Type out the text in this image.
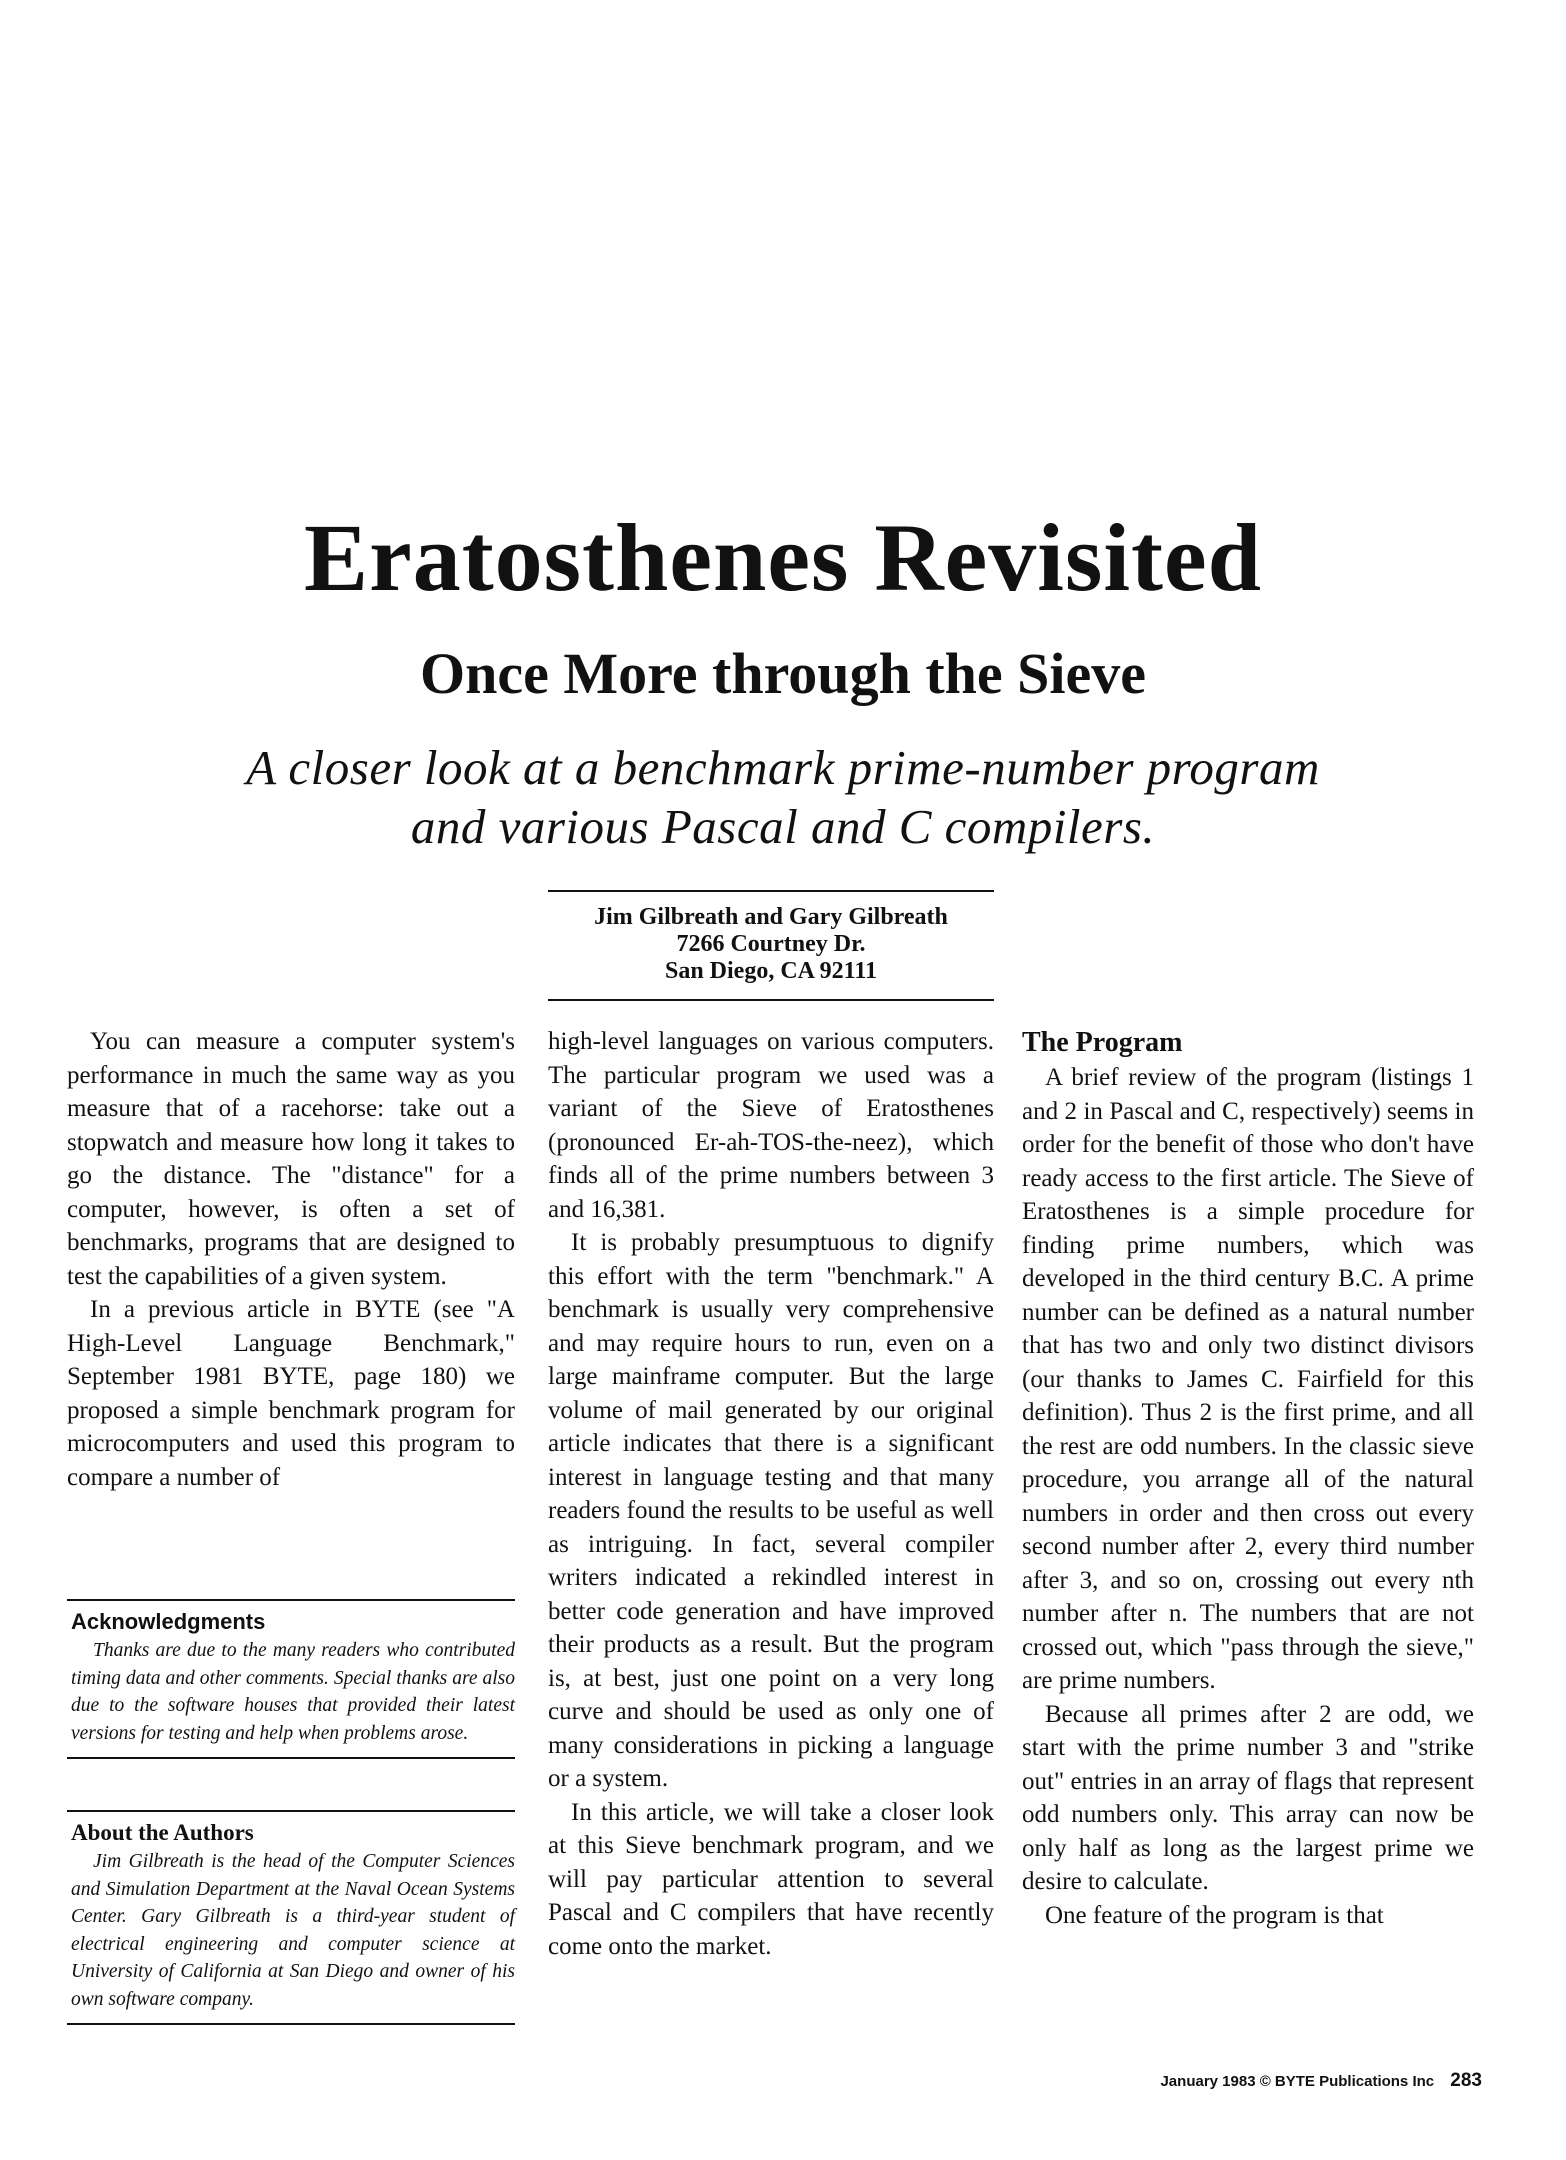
Eratosthenes Revisited
Once More through the Sieve
A closer look at a benchmark prime-number program
and various Pascal and C compilers.
Jim Gilbreath and Gary Gilbreath
7266 Courtney Dr.
San Diego, CA 92111

You can measure a computer system's performance in much the same way as you measure that of a racehorse: take out a stopwatch and measure how long it takes to go the distance. The "distance" for a computer, however, is often a set of benchmarks, programs that are designed to test the capabilities of a given system.

In a previous article in BYTE (see "A High-Level Language Benchmark," September 1981 BYTE, page 180) we proposed a simple benchmark program for microcomputers and used this program to compare a number of

Acknowledgments

Thanks are due to the many readers who contributed timing data and other comments. Special thanks are also due to the software houses that provided their latest versions for testing and help when problems arose.

About the Authors

Jim Gilbreath is the head of the Computer Sciences and Simulation Department at the Naval Ocean Systems Center. Gary Gilbreath is a third-year student of electrical engineering and computer science at University of California at San Diego and owner of his own software company.

high-level languages on various computers. The particular program we used was a variant of the Sieve of Eratosthenes (pronounced Er-ah-TOS-the-neez), which finds all of the prime numbers between 3 and 16,381.

It is probably presumptuous to dignify this effort with the term "benchmark." A benchmark is usually very comprehensive and may require hours to run, even on a large mainframe computer. But the large volume of mail generated by our original article indicates that there is a significant interest in language testing and that many readers found the results to be useful as well as intriguing. In fact, several compiler writers indicated a rekindled interest in better code generation and have improved their products as a result. But the program is, at best, just one point on a very long curve and should be used as only one of many considerations in picking a language or a system.

In this article, we will take a closer look at this Sieve benchmark program, and we will pay particular attention to several Pascal and C compilers that have recently come onto the market.

The Program

A brief review of the program (listings 1 and 2 in Pascal and C, respectively) seems in order for the benefit of those who don't have ready access to the first article. The Sieve of Eratosthenes is a simple procedure for finding prime numbers, which was developed in the third century B.C. A prime number can be defined as a natural number that has two and only two distinct divisors (our thanks to James C. Fairfield for this definition). Thus 2 is the first prime, and all the rest are odd numbers. In the classic sieve procedure, you arrange all of the natural numbers in order and then cross out every second number after 2, every third number after 3, and so on, crossing out every nth number after n. The numbers that are not crossed out, which "pass through the sieve," are prime numbers.

Because all primes after 2 are odd, we start with the prime number 3 and "strike out" entries in an array of flags that represent odd numbers only. This array can now be only half as long as the largest prime we desire to calculate.

One feature of the program is that

January 1983 © BYTE Publications Inc 283
